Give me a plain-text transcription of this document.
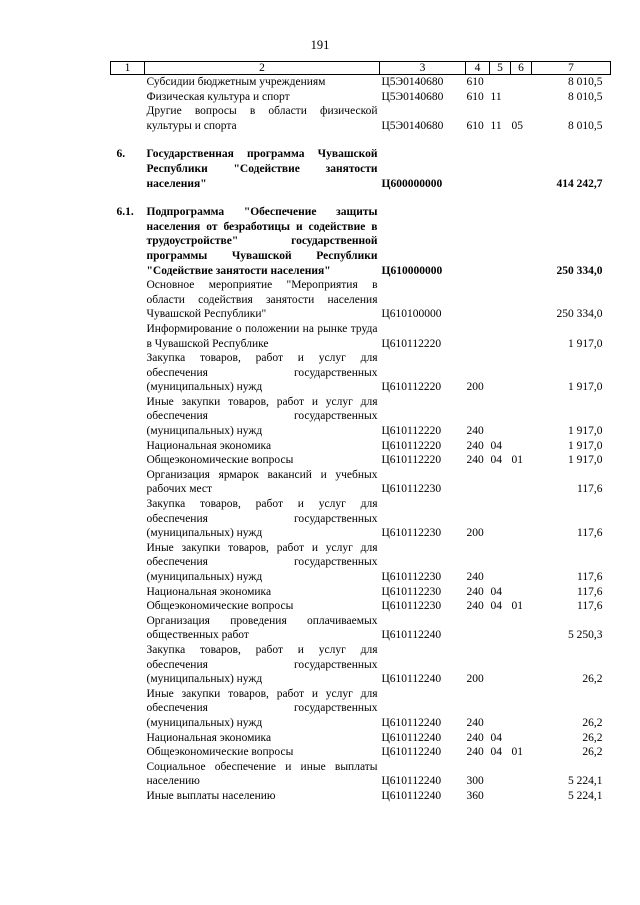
191
1	2	3	4	5	6	7
	Субсидии бюджетным учреждениям	Ц5Э0140680	610			8 010,5
	Физическая культура и спорт	Ц5Э0140680	610	11		8 010,5
	Другие вопросы в области физической культуры и спорта	Ц5Э0140680	610	11	05	8 010,5
6.	Государственная программа Чувашской Республики "Содействие занятости населения"	Ц600000000				414 242,7
6.1.	Подпрограмма "Обеспечение защиты населения от безработицы и содействие в трудоустройстве" государственной программы Чувашской Республики "Содействие занятости населения"	Ц610000000				250 334,0
	Основное мероприятие "Мероприятия в области содействия занятости населения Чувашской Республики"	Ц610100000				250 334,0
	Информирование о положении на рынке труда в Чувашской Республике	Ц610112220				1 917,0
	Закупка товаров, работ и услуг для обеспечения государственных (муниципальных) нужд	Ц610112220	200			1 917,0
	Иные закупки товаров, работ и услуг для обеспечения государственных (муниципальных) нужд	Ц610112220	240			1 917,0
	Национальная экономика	Ц610112220	240	04		1 917,0
	Общеэкономические вопросы	Ц610112220	240	04	01	1 917,0
	Организация ярмарок вакансий и учебных рабочих мест	Ц610112230				117,6
	Закупка товаров, работ и услуг для обеспечения государственных (муниципальных) нужд	Ц610112230	200			117,6
	Иные закупки товаров, работ и услуг для обеспечения государственных (муниципальных) нужд	Ц610112230	240			117,6
	Национальная экономика	Ц610112230	240	04		117,6
	Общеэкономические вопросы	Ц610112230	240	04	01	117,6
	Организация проведения оплачиваемых общественных работ	Ц610112240				5 250,3
	Закупка товаров, работ и услуг для обеспечения государственных (муниципальных) нужд	Ц610112240	200			26,2
	Иные закупки товаров, работ и услуг для обеспечения государственных (муниципальных) нужд	Ц610112240	240			26,2
	Национальная экономика	Ц610112240	240	04		26,2
	Общеэкономические вопросы	Ц610112240	240	04	01	26,2
	Социальное обеспечение и иные выплаты населению	Ц610112240	300			5 224,1
	Иные выплаты населению	Ц610112240	360			5 224,1
